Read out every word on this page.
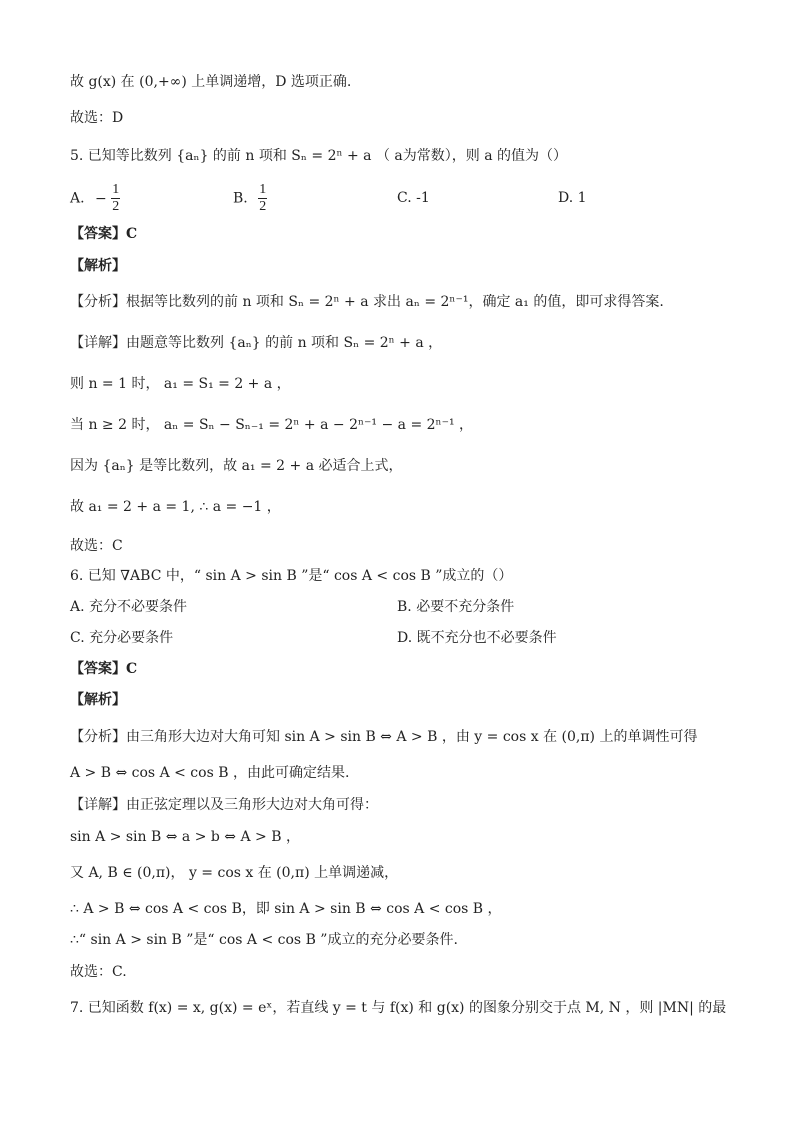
故 g(x) 在 (0,+∞) 上单调递增，D 选项正确.
故选：D
5. 已知等比数列 {aₙ} 的前 n 项和 Sₙ = 2ⁿ + a （ a为常数），则 a 的值为（）
A. − $\frac{1}{2}$	B. $\frac{1}{2}$	C. -1	D. 1
【答案】C
【解析】
【分析】根据等比数列的前 n 项和 Sₙ = 2ⁿ + a 求出 aₙ = 2ⁿ⁻¹，确定 a₁ 的值，即可求得答案.
【详解】由题意等比数列 {aₙ} 的前 n 项和 Sₙ = 2ⁿ + a ，
则 n = 1 时， a₁ = S₁ = 2 + a ，
当 n ≥ 2 时， aₙ = Sₙ − Sₙ₋₁ = 2ⁿ + a − 2ⁿ⁻¹ − a = 2ⁿ⁻¹ ，
因为 {aₙ} 是等比数列，故 a₁ = 2 + a 必适合上式，
故 a₁ = 2 + a = 1, ∴ a = −1 ，
故选：C
6. 已知 ∇ABC 中，“ sin A > sin B ”是“ cos A < cos B ”成立的（）
A. 充分不必要条件	B. 必要不充分条件
C. 充分必要条件	D. 既不充分也不必要条件
【答案】C
【解析】
【分析】由三角形大边对大角可知 sin A > sin B ⇔ A > B ，由 y = cos x 在 (0,π) 上的单调性可得
A > B ⇔ cos A < cos B ，由此可确定结果.
【详解】由正弦定理以及三角形大边对大角可得：
sin A > sin B ⇔ a > b ⇔ A > B ，
又 A, B ∈ (0,π)， y = cos x 在 (0,π) 上单调递减，
∴ A > B ⇔ cos A < cos B，即 sin A > sin B ⇔ cos A < cos B ，
∴“ sin A > sin B ”是“ cos A < cos B ”成立的充分必要条件.
故选：C.
7. 已知函数 f(x) = x, g(x) = eˣ，若直线 y = t 与 f(x) 和 g(x) 的图象分别交于点 M, N ，则 |MN| 的最
